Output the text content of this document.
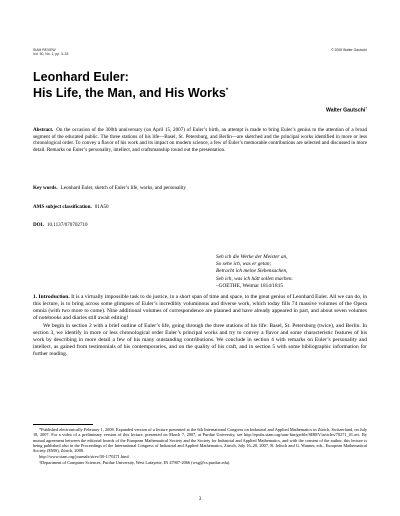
SIAM REVIEW
Vol. 50, No. 1, pp. 3–33
© 2008 Walter Gautschi
Leonhard Euler:
His Life, the Man, and His Works*
Walter Gautschi†
Abstract. On the occasion of the 300th anniversary (on April 15, 2007) of Euler’s birth, an attempt is made to bring Euler’s genius to the attention of a broad segment of the educated public. The three stations of his life—Basel, St. Petersburg, and Berlin—are sketched and the principal works identified in more or less chronological order. To convey a flavor of his work and its impact on modern science, a few of Euler’s memorable contributions are selected and discussed in more detail. Remarks on Euler’s personality, intellect, and craftsmanship round out the presentation.
Key words. Leonhard Euler, sketch of Euler’s life, works, and personality
AMS subject classification. 01A50
DOI. 10.1137/070702710
Seh ich die Werke der Meister an,
So sehe ich, was er getan;
Betracht ich meine Siebensachen,
Seh ich, was ich hätt sollen machen.
–GOETHE, Weimar 1814/1815

1. Introduction. It is a virtually impossible task to do justice, in a short span of time and space, to the great genius of Leonhard Euler. All we can do, in this lecture, is to bring across some glimpses of Euler’s incredibly voluminous and diverse work, which today fills 74 massive volumes of the Opera omnia (with two more to come). Nine additional volumes of correspondence are planned and have already appeared in part, and about seven volumes of notebooks and diaries still await editing!

We begin in section 2 with a brief outline of Euler’s life, going through the three stations of his life: Basel, St. Petersburg (twice), and Berlin. In section 3, we identify in more or less chronological order Euler’s principal works and try to convey a flavor and some characteristic features of his work by describing in more detail a few of his many outstanding contributions. We conclude in section 4 with remarks on Euler’s personality and intellect, as gained from testimonials of his contemporaries, and on the quality of his craft, and in section 5 with some bibliographic information for further reading.

*Published electronically February 1, 2008. Expanded version of a lecture presented at the 6th International Congress on Industrial and Applied Mathematics in Zürich, Switzerland, on July 18, 2007. For a video of a preliminary version of this lecture, presented on March 7, 2007, at Purdue University, see http://epubs.siam.org/sam-bin/getfile/SIREV/articles/70271_01.avi. By mutual agreement between the editorial boards of the European Mathematical Society and the Society for Industrial and Applied Mathematics, and with the consent of the author, this lecture is being published also in the Proceedings of the International Congress of Industrial and Applied Mathematics, Zürich, July 16–20, 2007, R. Jeltsch and G. Wanner, eds., European Mathematical Society (EMS), Zürich, 2008.

http://www.siam.org/journals/sirev/50-1/70271.html

†Department of Computer Sciences, Purdue University, West Lafayette, IN 47907-2066 (wxg@cs.purdue.edu).

3
